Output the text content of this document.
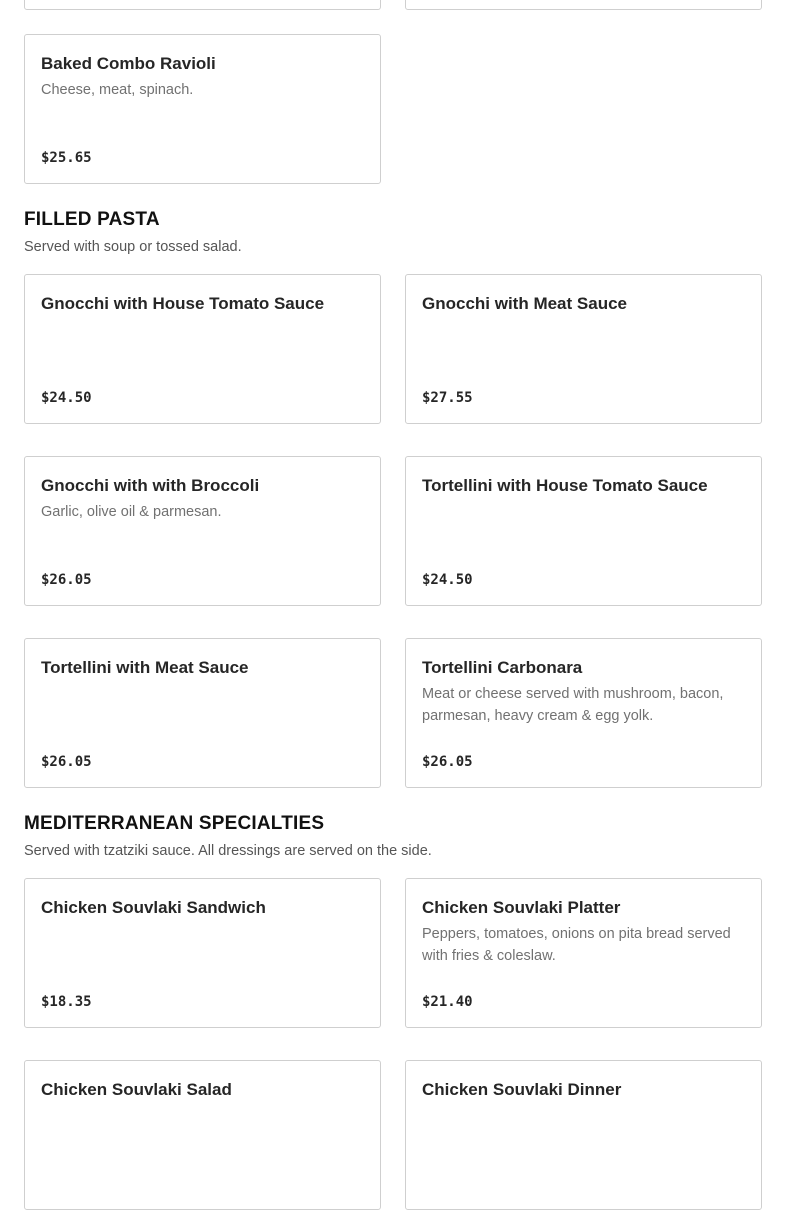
Baked Combo Ravioli
Cheese, meat, spinach.
$25.65
FILLED PASTA
Served with soup or tossed salad.
Gnocchi with House Tomato Sauce
$24.50
Gnocchi with Meat Sauce
$27.55
Gnocchi with with Broccoli
Garlic, olive oil & parmesan.
$26.05
Tortellini with House Tomato Sauce
$24.50
Tortellini with Meat Sauce
$26.05
Tortellini Carbonara
Meat or cheese served with mushroom, bacon, parmesan, heavy cream & egg yolk.
$26.05
MEDITERRANEAN SPECIALTIES
Served with tzatziki sauce. All dressings are served on the side.
Chicken Souvlaki Sandwich
$18.35
Chicken Souvlaki Platter
Peppers, tomatoes, onions on pita bread served with fries & coleslaw.
$21.40
Chicken Souvlaki Salad	Chicken Souvlaki Dinner
